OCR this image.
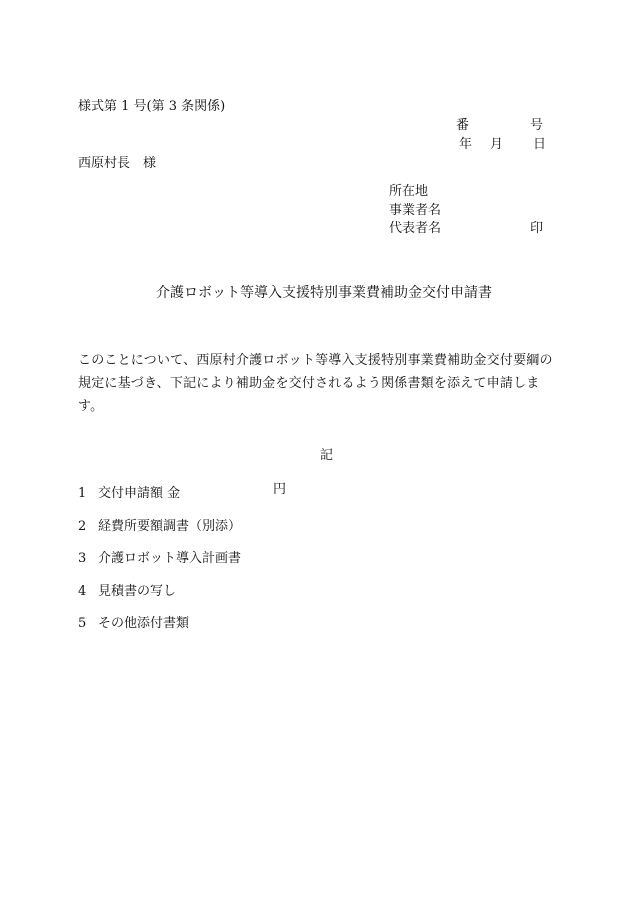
様式第 1 号(第 3 条関係)
番	号
年 月 日
西原村長　様
所在地
事業者名
代表者名	印
介護ロボット等導入支援特別事業費補助金交付申請書
このことについて、西原村介護ロボット等導入支援特別事業費補助金交付要綱の規定に基づき、下記により補助金を交付されるよう関係書類を添えて申請します。
記
1 交付申請額 金	円
2 経費所要額調書（別添）
3 介護ロボット導入計画書
4 見積書の写し
5 その他添付書類
